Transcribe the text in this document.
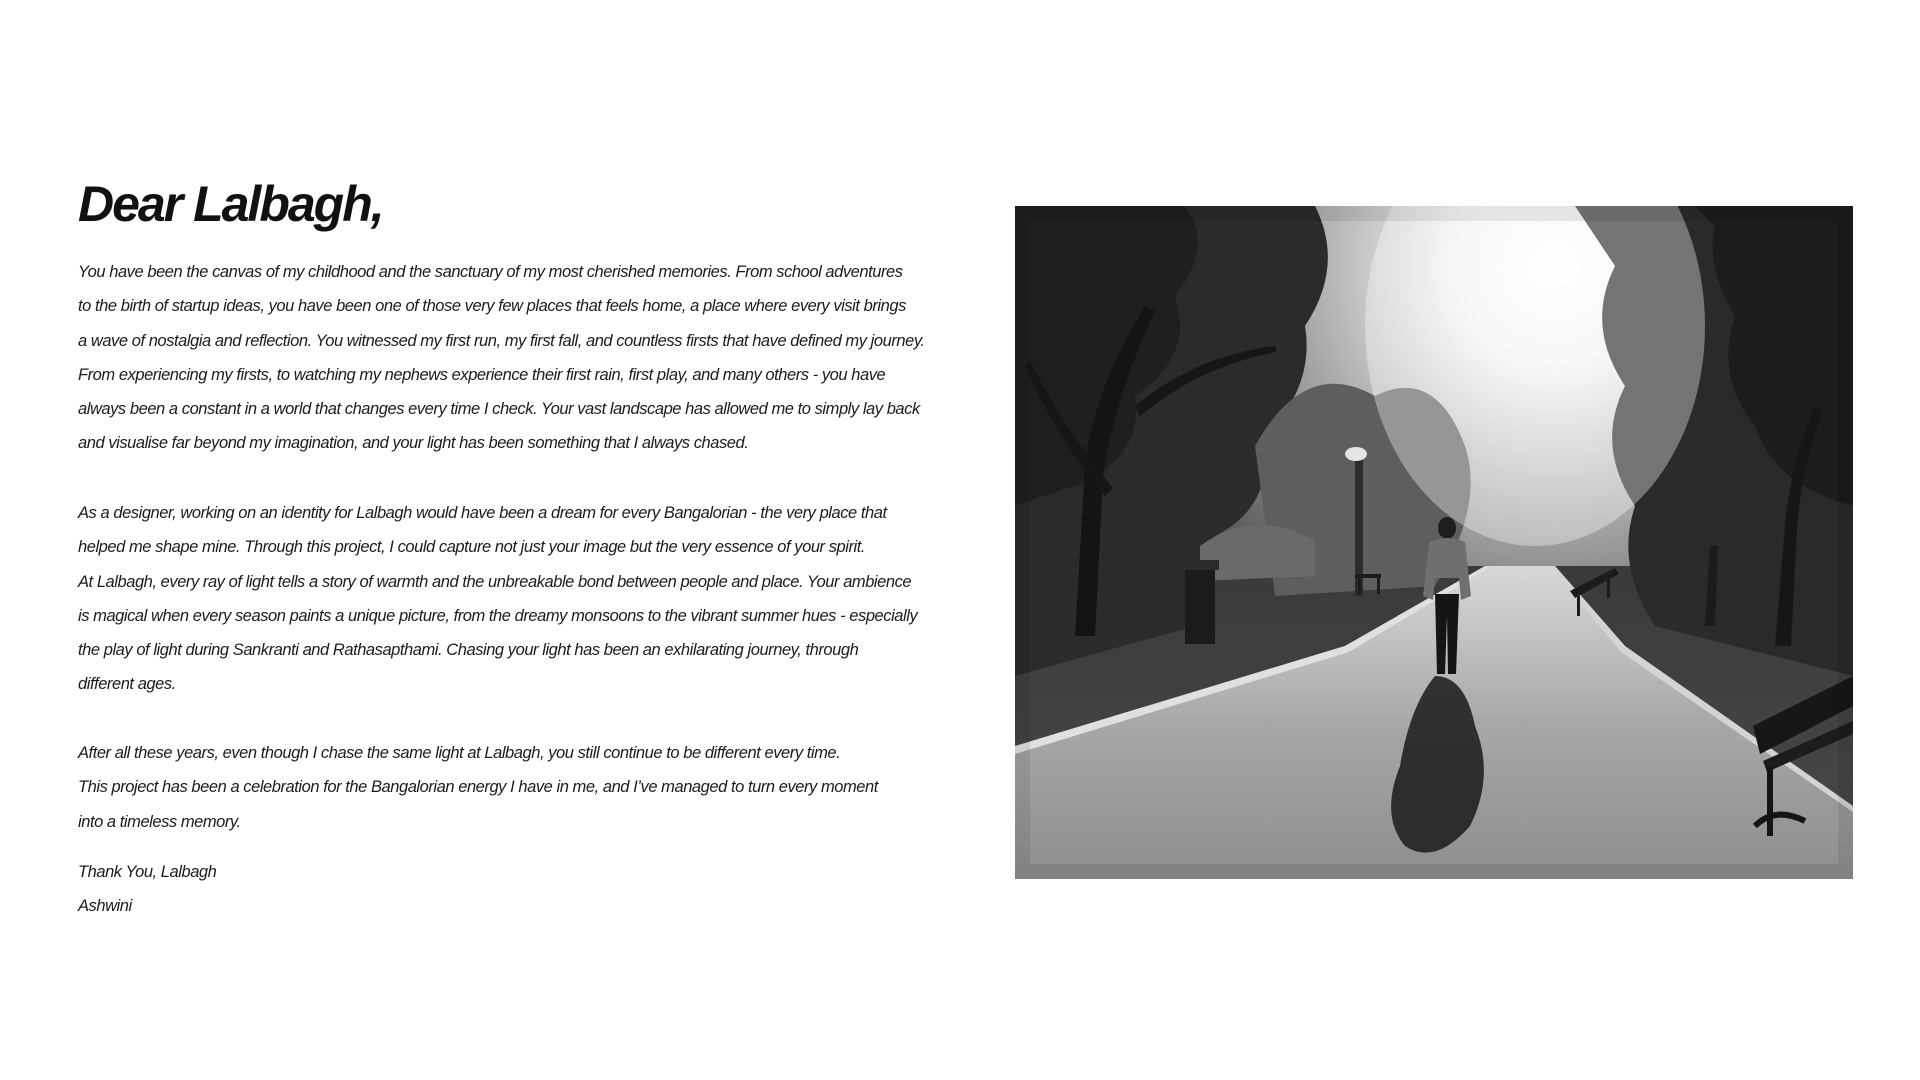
Dear Lalbagh,

You have been the canvas of my childhood and the sanctuary of my most cherished memories. From school adventures
to the birth of startup ideas, you have been one of those very few places that feels home, a place where every visit brings
a wave of nostalgia and reflection. You witnessed my first run, my first fall, and countless firsts that have defined my journey.
From experiencing my firsts, to watching my nephews experience their first rain, first play, and many others - you have
always been a constant in a world that changes every time I check. Your vast landscape has allowed me to simply lay back
and visualise far beyond my imagination, and your light has been something that I always chased.

As a designer, working on an identity for Lalbagh would have been a dream for every Bangalorian - the very place that
helped me shape mine. Through this project, I could capture not just your image but the very essence of your spirit.
At Lalbagh, every ray of light tells a story of warmth and the unbreakable bond between people and place. Your ambience
is magical when every season paints a unique picture, from the dreamy monsoons to the vibrant summer hues - especially
the play of light during Sankranti and Rathasapthami. Chasing your light has been an exhilarating journey, through
different ages.

After all these years, even though I chase the same light at Lalbagh, you still continue to be different every time.
This project has been a celebration for the Bangalorian energy I have in me, and I’ve managed to turn every moment
into a timeless memory.

Thank You, Lalbagh
Ashwini
